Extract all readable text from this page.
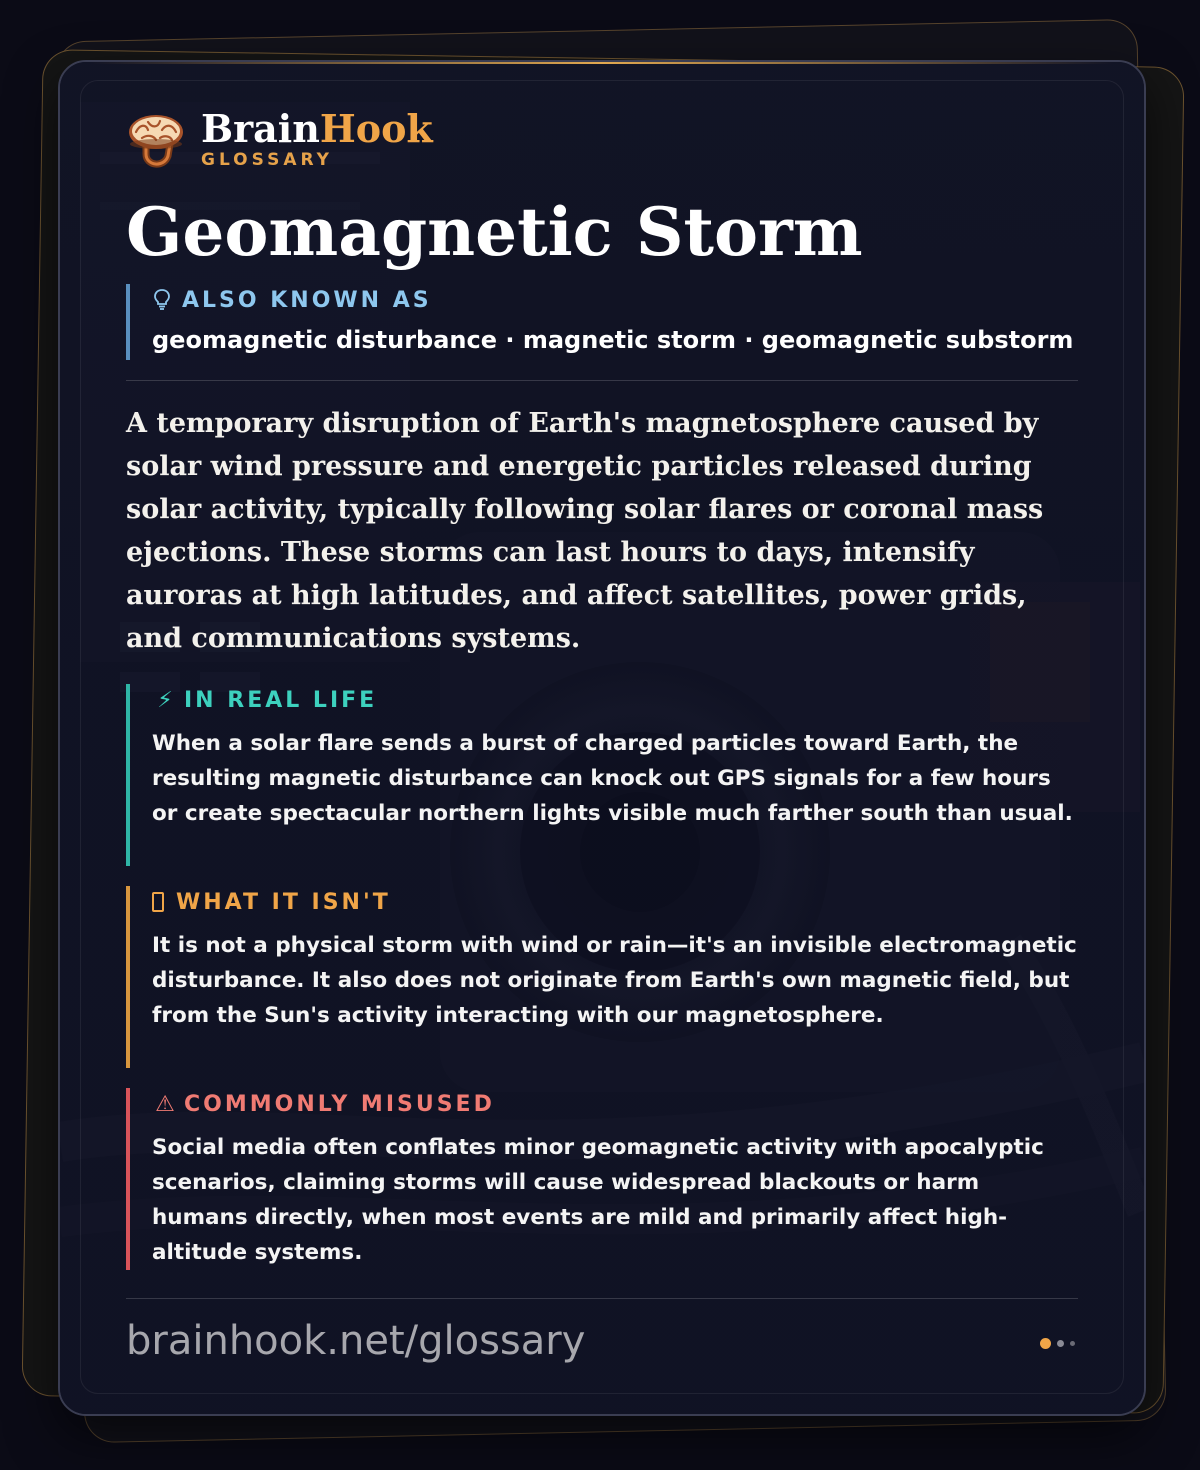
BrainHook
GLOSSARY
Geomagnetic Storm
ALSO KNOWN AS
geomagnetic disturbance · magnetic storm · geomagnetic substorm
A temporary disruption of Earth's magnetosphere caused by solar wind pressure and energetic particles released during solar activity, typically following solar flares or coronal mass ejections. These storms can last hours to days, intensify auroras at high latitudes, and affect satellites, power grids, and communications systems.
⚡ IN REAL LIFE
When a solar flare sends a burst of charged particles toward Earth, the resulting magnetic disturbance can knock out GPS signals for a few hours or create spectacular northern lights visible much farther south than usual.
WHAT IT ISN'T
It is not a physical storm with wind or rain—it's an invisible electromagnetic disturbance. It also does not originate from Earth's own magnetic field, but from the Sun's activity interacting with our magnetosphere.
⚠ COMMONLY MISUSED
Social media often conflates minor geomagnetic activity with apocalyptic scenarios, claiming storms will cause widespread blackouts or harm humans directly, when most events are mild and primarily affect high-altitude systems.
brainhook.net/glossary
